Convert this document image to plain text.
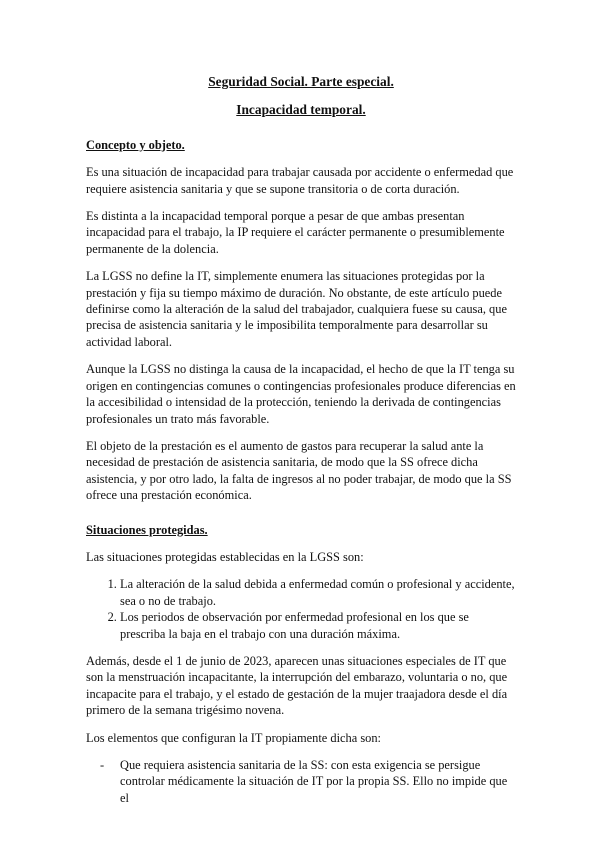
Seguridad Social. Parte especial.

Incapacidad temporal.

Concepto y objeto.

Es una situación de incapacidad para trabajar causada por accidente o enfermedad que requiere asistencia sanitaria y que se supone transitoria o de corta duración.

Es distinta a la incapacidad temporal porque a pesar de que ambas presentan incapacidad para el trabajo, la IP requiere el carácter permanente o presumiblemente permanente de la dolencia.

La LGSS no define la IT, simplemente enumera las situaciones protegidas por la prestación y fija su tiempo máximo de duración. No obstante, de este artículo puede definirse como la alteración de la salud del trabajador, cualquiera fuese su causa, que precisa de asistencia sanitaria y le imposibilita temporalmente para desarrollar su actividad laboral.

Aunque la LGSS no distinga la causa de la incapacidad, el hecho de que la IT tenga su origen en contingencias comunes o contingencias profesionales produce diferencias en la accesibilidad o intensidad de la protección, teniendo la derivada de contingencias profesionales un trato más favorable.

El objeto de la prestación es el aumento de gastos para recuperar la salud ante la necesidad de prestación de asistencia sanitaria, de modo que la SS ofrece dicha asistencia, y por otro lado, la falta de ingresos al no poder trabajar, de modo que la SS ofrece una prestación económica.

Situaciones protegidas.

Las situaciones protegidas establecidas en la LGSS son:

1. La alteración de la salud debida a enfermedad común o profesional y accidente, sea o no de trabajo.
2. Los periodos de observación por enfermedad profesional en los que se prescriba la baja en el trabajo con una duración máxima.

Además, desde el 1 de junio de 2023, aparecen unas situaciones especiales de IT que son la menstruación incapacitante, la interrupción del embarazo, voluntaria o no, que incapacite para el trabajo, y el estado de gestación de la mujer traajadora desde el día primero de la semana trigésimo novena.

Los elementos que configuran la IT propiamente dicha son:

- Que requiera asistencia sanitaria de la SS: con esta exigencia se persigue controlar médicamente la situación de IT por la propia SS. Ello no impide que el
